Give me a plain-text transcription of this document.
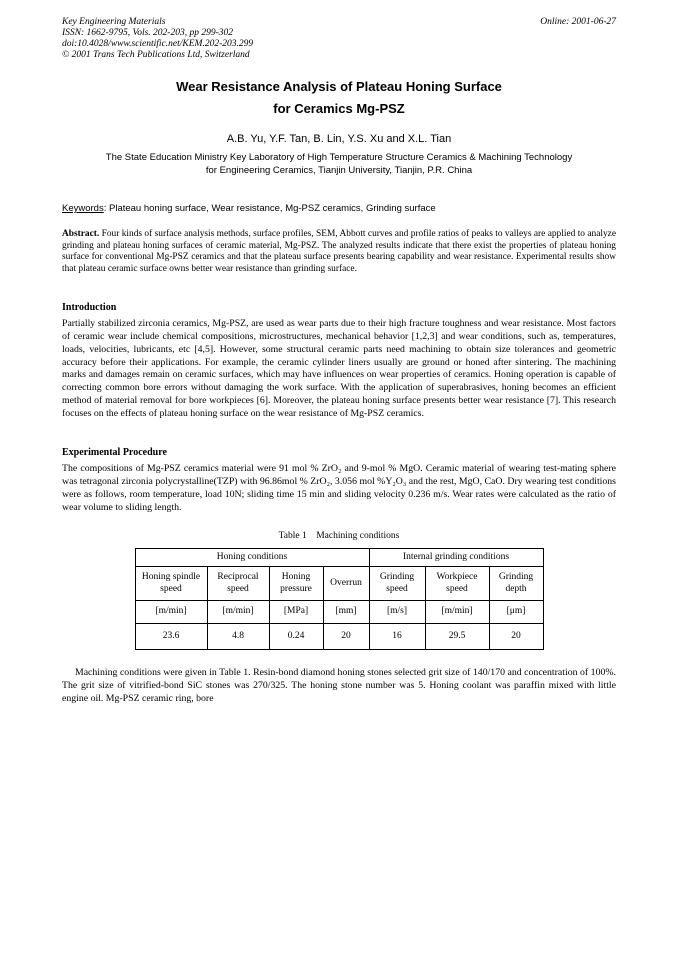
Key Engineering Materials
ISSN: 1662-9795, Vols. 202-203, pp 299-302
doi:10.4028/www.scientific.net/KEM.202-203.299
© 2001 Trans Tech Publications Ltd, Switzerland
Online: 2001-06-27
Wear Resistance Analysis of Plateau Honing Surface
for Ceramics Mg-PSZ
A.B. Yu, Y.F. Tan, B. Lin, Y.S. Xu and X.L. Tian
The State Education Ministry Key Laboratory of High Temperature Structure Ceramics & Machining Technology for Engineering Ceramics, Tianjin University, Tianjin, P.R. China

Keywords: Plateau honing surface, Wear resistance, Mg-PSZ ceramics, Grinding surface

Abstract. Four kinds of surface analysis methods, surface profiles, SEM, Abbott curves and profile ratios of peaks to valleys are applied to analyze grinding and plateau honing surfaces of ceramic material, Mg-PSZ. The analyzed results indicate that there exist the properties of plateau honing surface for conventional Mg-PSZ ceramics and that the plateau surface presents bearing capability and wear resistance. Experimental results show that plateau ceramic surface owns better wear resistance than grinding surface.

Introduction

Partially stabilized zirconia ceramics, Mg-PSZ, are used as wear parts due to their high fracture toughness and wear resistance. Most factors of ceramic wear include chemical compositions, microstructures, mechanical behavior [1,2,3] and wear conditions, such as, temperatures, loads, velocities, lubricants, etc [4,5]. However, some structural ceramic parts need machining to obtain size tolerances and geometric accuracy before their applications. For example, the ceramic cylinder liners usually are ground or honed after sintering. The machining marks and damages remain on ceramic surfaces, which may have influences on wear properties of ceramics. Honing operation is capable of correcting common bore errors without damaging the work surface. With the application of superabrasives, honing becomes an efficient method of material removal for bore workpieces [6]. Moreover, the plateau honing surface presents better wear resistance [7]. This research focuses on the effects of plateau honing surface on the wear resistance of Mg-PSZ ceramics.

Experimental Procedure

The compositions of Mg-PSZ ceramics material were 91 mol % ZrO₂ and 9-mol % MgO. Ceramic material of wearing test-mating sphere was tetragonal zirconia polycrystalline(TZP) with 96.86mol % ZrO₂, 3.056 mol %Y₂O₃ and the rest, MgO, CaO. Dry wearing test conditions were as follows, room temperature, load 10N; sliding time 15 min and sliding velocity 0.236 m/s. Wear rates were calculated as the ratio of wear volume to sliding length.

Table 1    Machining conditions
Honing conditions				Internal grinding conditions		
Honing spindle speed	Reciprocal speed	Honing pressure	Overrun	Grinding speed	Workpiece speed	Grinding depth
[m/min]	[m/min]	[MPa]	[mm]	[m/s]	[m/min]	[μm]
23.6	4.8	0.24	20	16	29.5	20

Machining conditions were given in Table 1. Resin-bond diamond honing stones selected grit size of 140/170 and concentration of 100%. The grit size of vitrified-bond SiC stones was 270/325. The honing stone number was 5. Honing coolant was paraffin mixed with little engine oil. Mg-PSZ ceramic ring, bore
